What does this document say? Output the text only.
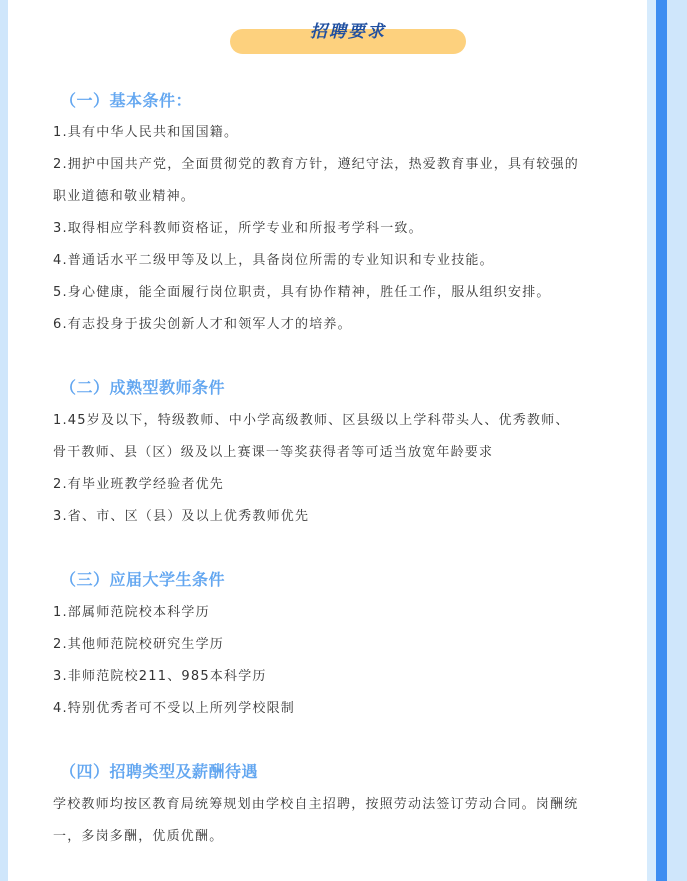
招聘要求
（一）基本条件：
1.具有中华人民共和国国籍。
2.拥护中国共产党，全面贯彻党的教育方针，遵纪守法，热爱教育事业，具有较强的
职业道德和敬业精神。
3.取得相应学科教师资格证，所学专业和所报考学科一致。
4.普通话水平二级甲等及以上，具备岗位所需的专业知识和专业技能。
5.身心健康，能全面履行岗位职责，具有协作精神，胜任工作，服从组织安排。
6.有志投身于拔尖创新人才和领军人才的培养。
（二）成熟型教师条件
1.45岁及以下，特级教师、中小学高级教师、区县级以上学科带头人、优秀教师、
骨干教师、县（区）级及以上赛课一等奖获得者等可适当放宽年龄要求
2.有毕业班教学经验者优先
3.省、市、区（县）及以上优秀教师优先
（三）应届大学生条件
1.部属师范院校本科学历
2.其他师范院校研究生学历
3.非师范院校211、985本科学历
4.特别优秀者可不受以上所列学校限制
（四）招聘类型及薪酬待遇
学校教师均按区教育局统筹规划由学校自主招聘，按照劳动法签订劳动合同。岗酬统
一，多岗多酬，优质优酬。
